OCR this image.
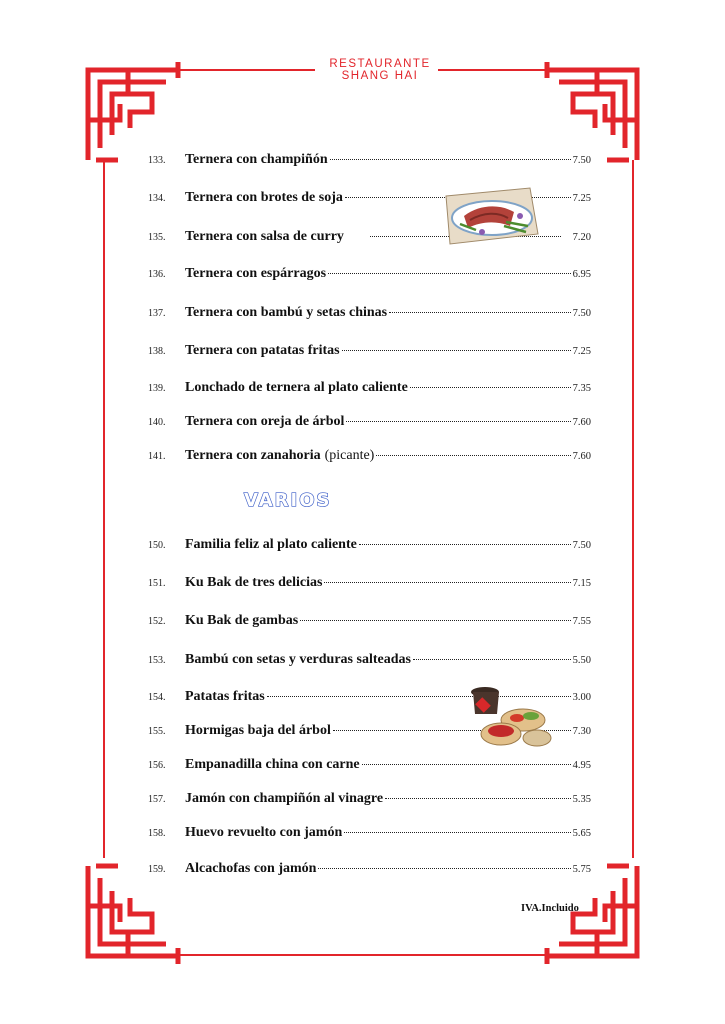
RESTAURANTE
SHANG HAI
133.	Ternera con champiñón	7.50
134.	Ternera con brotes de soja	7.25
135.	Ternera con salsa de curry	7.20
136.	Ternera con espárragos	6.95
137.	Ternera con bambú y setas chinas	7.50
138.	Ternera con patatas fritas	7.25
139.	Lonchado de ternera al plato caliente	7.35
140.	Ternera con oreja de árbol	7.60
141.	Ternera con zanahoria (picante)	7.60
VARIOS
150.	Familia feliz al plato caliente	7.50
151.	Ku Bak de tres delicias	7.15
152.	Ku Bak de gambas	7.55
153.	Bambú con setas y verduras salteadas	5.50
154.	Patatas fritas	3.00
155.	Hormigas baja del árbol	7.30
156.	Empanadilla china con carne	4.95
157.	Jamón con champiñón al vinagre	5.35
158.	Huevo revuelto con jamón	5.65
159.	Alcachofas con jamón	5.75
IVA.Incluido
